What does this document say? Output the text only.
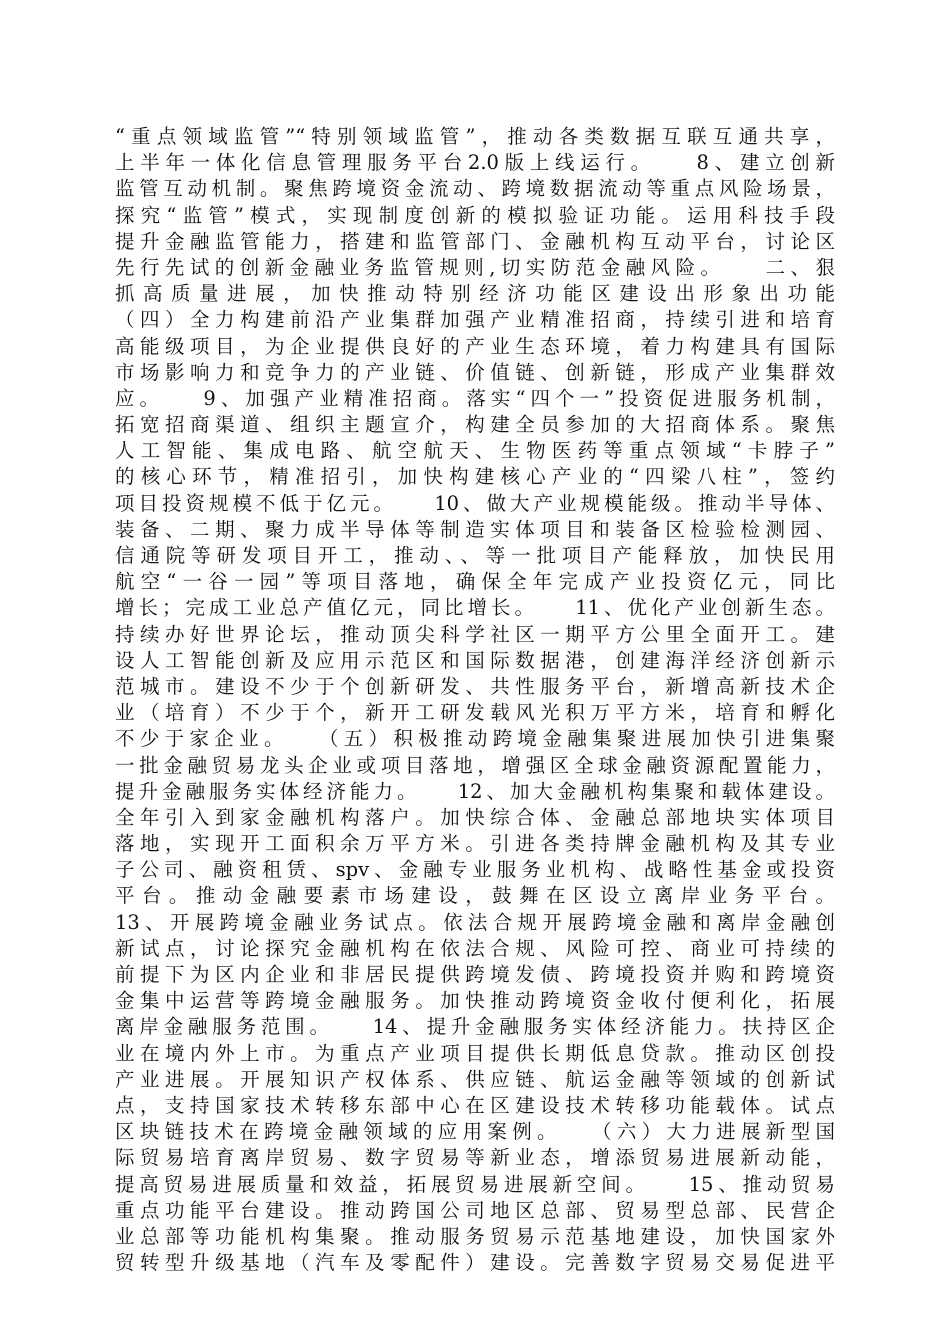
“重点领域监管”“特别领域监管”，推动各类数据互联互通共享，
上半年一体化信息管理服务平台2.0版上线运行。　　8、建立创新
监管互动机制。聚焦跨境资金流动、跨境数据流动等重点风险场景，
探究“监管”模式，实现制度创新的模拟验证功能。运用科技手段
提升金融监管能力，搭建和监管部门、金融机构互动平台，讨论区
先行先试的创新金融业务监管规则,切实防范金融风险。　　二、狠
抓高质量进展，加快推动特别经济功能区建设出形象出功能
（四）全力构建前沿产业集群加强产业精准招商，持续引进和培育
高能级项目，为企业提供良好的产业生态环境，着力构建具有国际
市场影响力和竞争力的产业链、价值链、创新链，形成产业集群效
应。　　9、加强产业精准招商。落实“四个一”投资促进服务机制，
拓宽招商渠道、组织主题宣介，构建全员参加的大招商体系。聚焦
人工智能、集成电路、航空航天、生物医药等重点领域“卡脖子”
的核心环节，精准招引，加快构建核心产业的“四梁八柱”，签约
项目投资规模不低于亿元。　　10、做大产业规模能级。推动半导体、
装备、二期、聚力成半导体等制造实体项目和装备区检验检测园、
信通院等研发项目开工，推动、、等一批项目产能释放，加快民用
航空“一谷一园”等项目落地，确保全年完成产业投资亿元，同比
增长；完成工业总产值亿元，同比增长。　　11、优化产业创新生态。
持续办好世界论坛，推动顶尖科学社区一期平方公里全面开工。建
设人工智能创新及应用示范区和国际数据港，创建海洋经济创新示
范城市。建设不少于个创新研发、共性服务平台，新增高新技术企
业（培育）不少于个，新开工研发载风光积万平方米，培育和孵化
不少于家企业。　　（五）积极推动跨境金融集聚进展加快引进集聚
一批金融贸易龙头企业或项目落地，增强区全球金融资源配置能力，
提升金融服务实体经济能力。　　12、加大金融机构集聚和载体建设。
全年引入到家金融机构落户。加快综合体、金融总部地块实体项目
落地，实现开工面积余万平方米。引进各类持牌金融机构及其专业
子公司、融资租赁、spv、金融专业服务业机构、战略性基金或投资
平台。推动金融要素市场建设，鼓舞在区设立离岸业务平台。
13、开展跨境金融业务试点。依法合规开展跨境金融和离岸金融创
新试点，讨论探究金融机构在依法合规、风险可控、商业可持续的
前提下为区内企业和非居民提供跨境发债、跨境投资并购和跨境资
金集中运营等跨境金融服务。加快推动跨境资金收付便利化，拓展
离岸金融服务范围。　　14、提升金融服务实体经济能力。扶持区企
业在境内外上市。为重点产业项目提供长期低息贷款。推动区创投
产业进展。开展知识产权体系、供应链、航运金融等领域的创新试
点，支持国家技术转移东部中心在区建设技术转移功能载体。试点
区块链技术在跨境金融领域的应用案例。　　（六）大力进展新型国
际贸易培育离岸贸易、数字贸易等新业态，增添贸易进展新动能，
提高贸易进展质量和效益，拓展贸易进展新空间。　　15、推动贸易
重点功能平台建设。推动跨国公司地区总部、贸易型总部、民营企
业总部等功能机构集聚。推动服务贸易示范基地建设，加快国家外
贸转型升级基地（汽车及零配件）建设。完善数字贸易交易促进平
